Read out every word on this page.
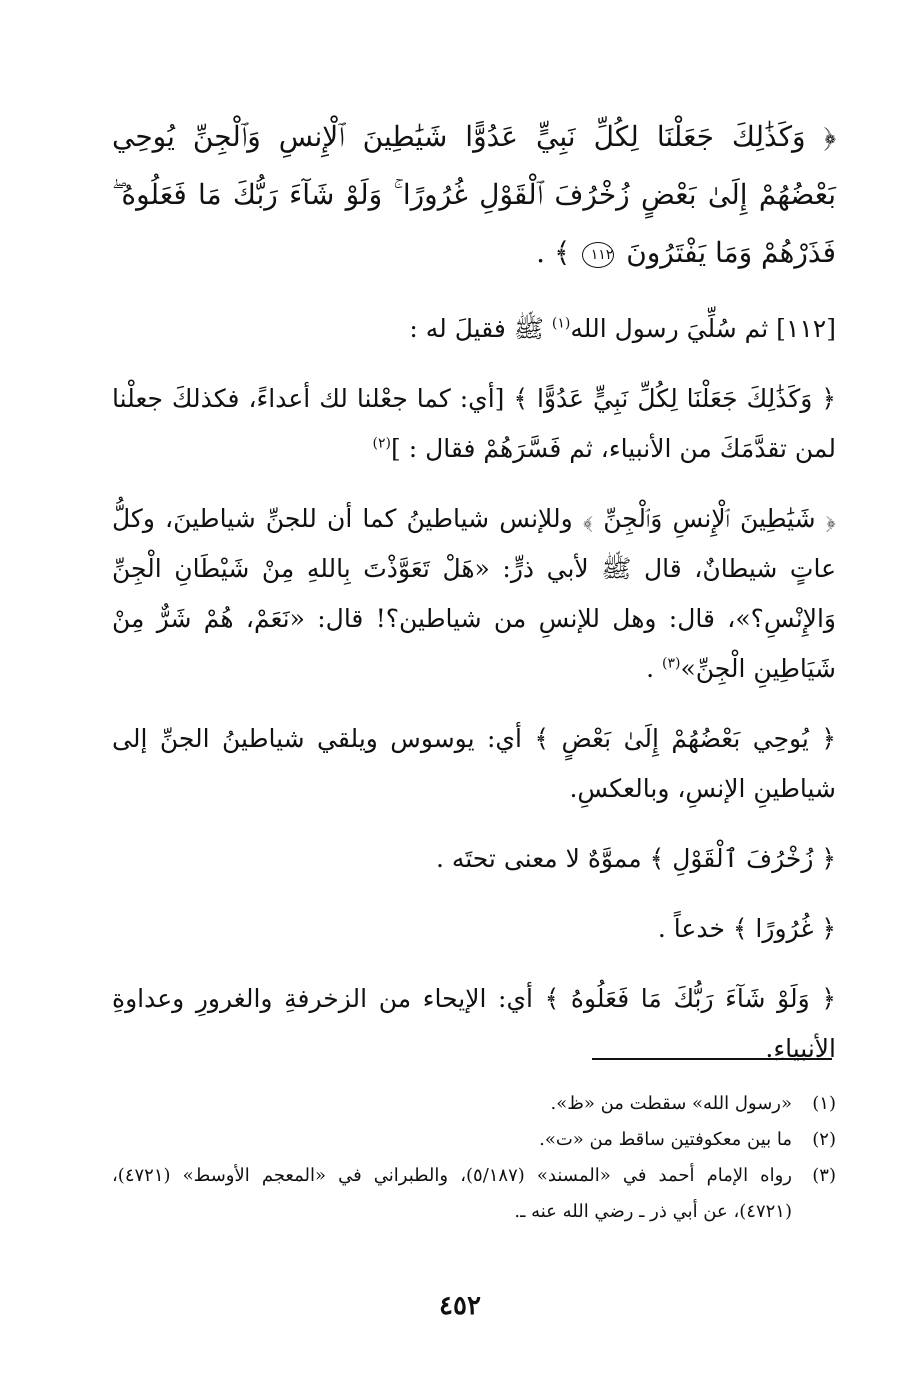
﴿ وَكَذَٰلِكَ جَعَلْنَا لِكُلِّ نَبِيٍّ عَدُوًّا شَيَٰطِينَ ٱلْإِنسِ وَٱلْجِنِّ يُوحِي بَعْضُهُمْ إِلَىٰ بَعْضٍ زُخْرُفَ ٱلْقَوْلِ غُرُورًا ۚ وَلَوْ شَآءَ رَبُّكَ مَا فَعَلُوهُ ۖ فَذَرْهُمْ وَمَا يَفْتَرُونَ ١١٢ ﴾ .

[١١٢] ثم سُلِّيَ رسول الله$^{(١)}$ ﷺ فقيلَ له :

﴿ وَكَذَٰلِكَ جَعَلْنَا لِكُلِّ نَبِيٍّ عَدُوًّا ﴾ [أي: كما جعْلنا لك أعداءً، فكذلكَ جعلْنا لمن تقدَّمَكَ من الأنبياء، ثم فَسَّرَهُمْ فقال : ]$^{(٢)}$

﴿ شَيَٰطِينَ ٱلْإِنسِ وَٱلْجِنِّ ﴾ وللإنس شياطينُ كما أن للجنِّ شياطينَ، وكلُّ عاتٍ شيطانٌ، قال ﷺ لأبي ذرٍّ: «هَلْ تَعَوَّذْتَ بِاللهِ مِنْ شَيْطَانِ الْجِنِّ وَالإِنْسِ؟»، قال: وهل للإنسِ من شياطين؟! قال: «نَعَمْ، هُمْ شَرٌّ مِنْ شَيَاطِينِ الْجِنِّ»$^{(٣)}$ .

﴿ يُوحِي بَعْضُهُمْ إِلَىٰ بَعْضٍ ﴾ أي: يوسوس ويلقي شياطينُ الجنِّ إلى شياطينِ الإنسِ، وبالعكسِ.

﴿ زُخْرُفَ ٱلْقَوْلِ ﴾ مموَّهٌ لا معنى تحتَه .

﴿ غُرُورًا ﴾ خدعاً .

﴿ وَلَوْ شَآءَ رَبُّكَ مَا فَعَلُوهُ ﴾ أي: الإيحاء من الزخرفةِ والغرورِ وعداوةِ الأنبياءِ.

(١)
«رسول الله» سقطت من «ظ».
(٢)
ما بين معكوفتين ساقط من «ت».
(٣)
رواه الإمام أحمد في «المسند» (٥/١٨٧)، والطبراني في «المعجم الأوسط» (٤٧٢١)، (٤٧٢١)، عن أبي ذر ـ رضي الله عنه ـ.
٤٥٢
